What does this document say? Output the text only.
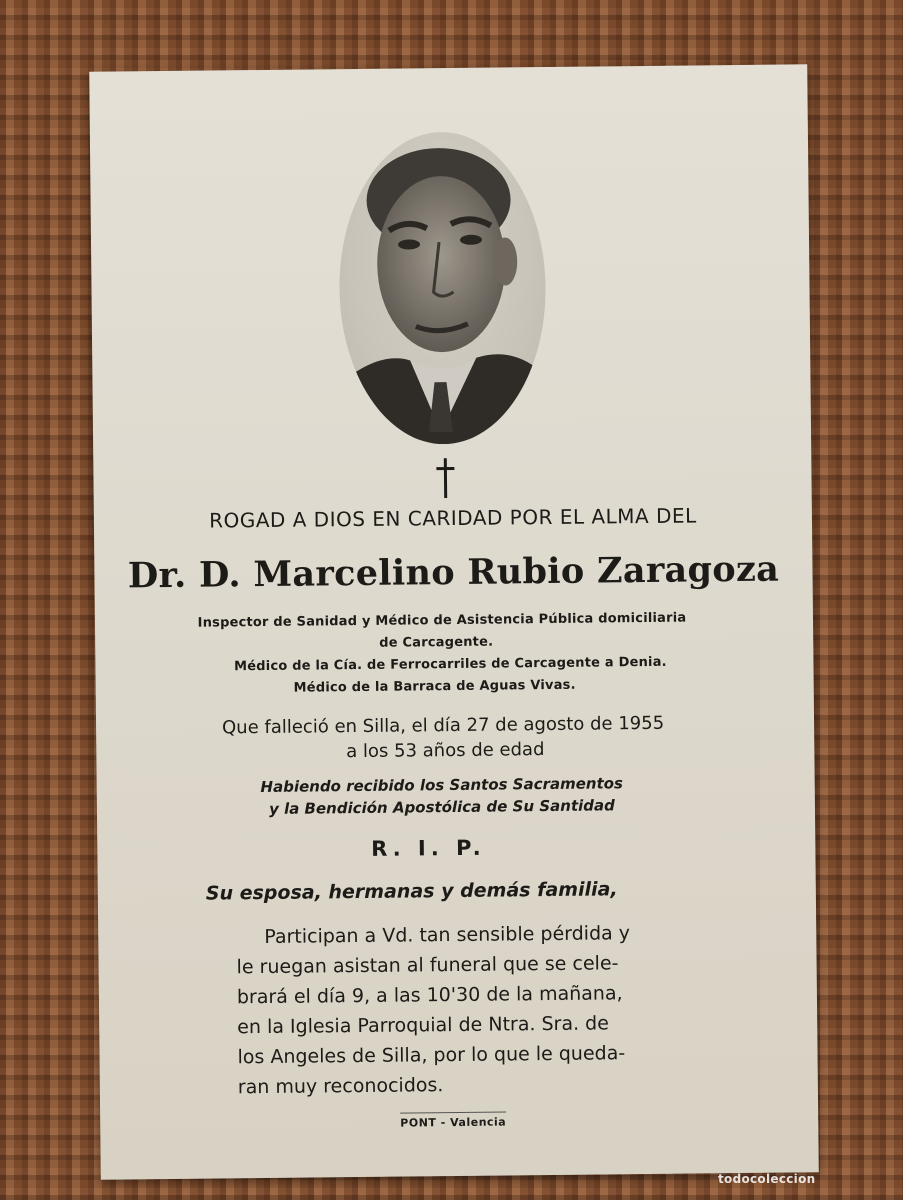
ROGAD A DIOS EN CARIDAD POR EL ALMA DEL
Dr. D. Marcelino Rubio Zaragoza
Inspector de Sanidad y Médico de Asistencia Pública domiciliaria
de Carcagente.
Médico de la Cía. de Ferrocarriles de Carcagente a Denia.
Médico de la Barraca de Aguas Vivas.
Que falleció en Silla, el día 27 de agosto de 1955
a los 53 años de edad
Habiendo recibido los Santos Sacramentos
y la Bendición Apostólica de Su Santidad
R. I. P.
Su esposa, hermanas y demás familia,
Participan a Vd. tan sensible pérdida y
le ruegan asistan al funeral que se cele-
brará el día 9, a las 10'30 de la mañana,
en la Iglesia Parroquial de Ntra. Sra. de
los Angeles de Silla, por lo que le queda-
ran muy reconocidos.
PONT - Valencia
todocoleccion
